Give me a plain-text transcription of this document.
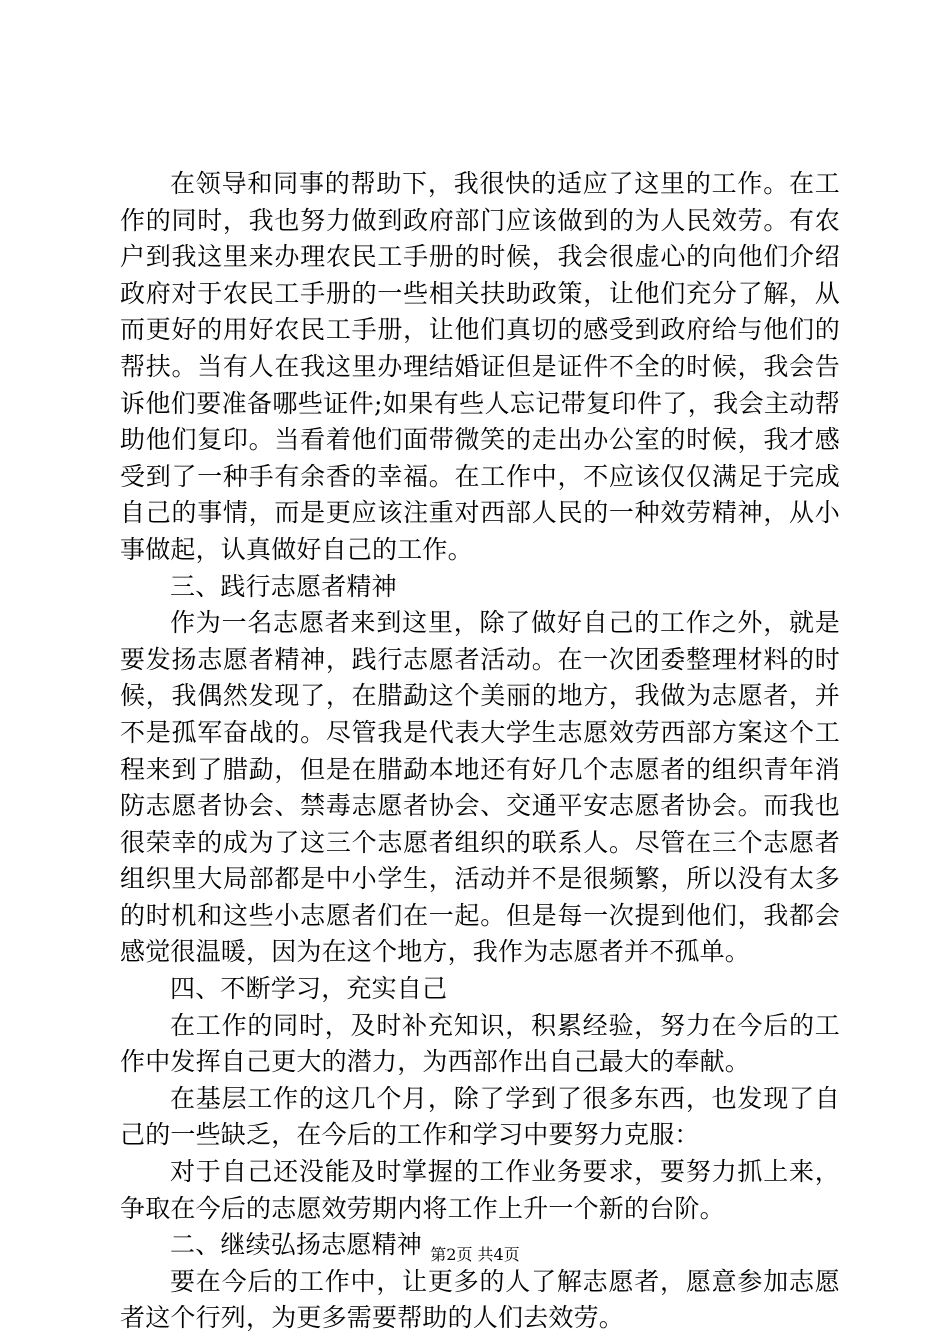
在领导和同事的帮助下，我很快的适应了这里的工作。在工作的同时，我也努力做到政府部门应该做到的为人民效劳。有农户到我这里来办理农民工手册的时候，我会很虚心的向他们介绍政府对于农民工手册的一些相关扶助政策，让他们充分了解，从而更好的用好农民工手册，让他们真切的感受到政府给与他们的帮扶。当有人在我这里办理结婚证但是证件不全的时候，我会告诉他们要准备哪些证件;如果有些人忘记带复印件了，我会主动帮助他们复印。当看着他们面带微笑的走出办公室的时候，我才感受到了一种手有余香的幸福。在工作中，不应该仅仅满足于完成自己的事情，而是更应该注重对西部人民的一种效劳精神，从小事做起，认真做好自己的工作。

三、践行志愿者精神

作为一名志愿者来到这里，除了做好自己的工作之外，就是要发扬志愿者精神，践行志愿者活动。在一次团委整理材料的时候，我偶然发现了，在腊勐这个美丽的地方，我做为志愿者，并不是孤军奋战的。尽管我是代表大学生志愿效劳西部方案这个工程来到了腊勐，但是在腊勐本地还有好几个志愿者的组织青年消防志愿者协会、禁毒志愿者协会、交通平安志愿者协会。而我也很荣幸的成为了这三个志愿者组织的联系人。尽管在三个志愿者组织里大局部都是中小学生，活动并不是很频繁，所以没有太多的时机和这些小志愿者们在一起。但是每一次提到他们，我都会感觉很温暖，因为在这个地方，我作为志愿者并不孤单。

四、不断学习，充实自己

在工作的同时，及时补充知识，积累经验，努力在今后的工作中发挥自己更大的潜力，为西部作出自己最大的奉献。

在基层工作的这几个月，除了学到了很多东西，也发现了自己的一些缺乏，在今后的工作和学习中要努力克服：

对于自己还没能及时掌握的工作业务要求，要努力抓上来，争取在今后的志愿效劳期内将工作上升一个新的台阶。

二、继续弘扬志愿精神

要在今后的工作中，让更多的人了解志愿者，愿意参加志愿者这个行列，为更多需要帮助的人们去效劳。

第2页 共4页
